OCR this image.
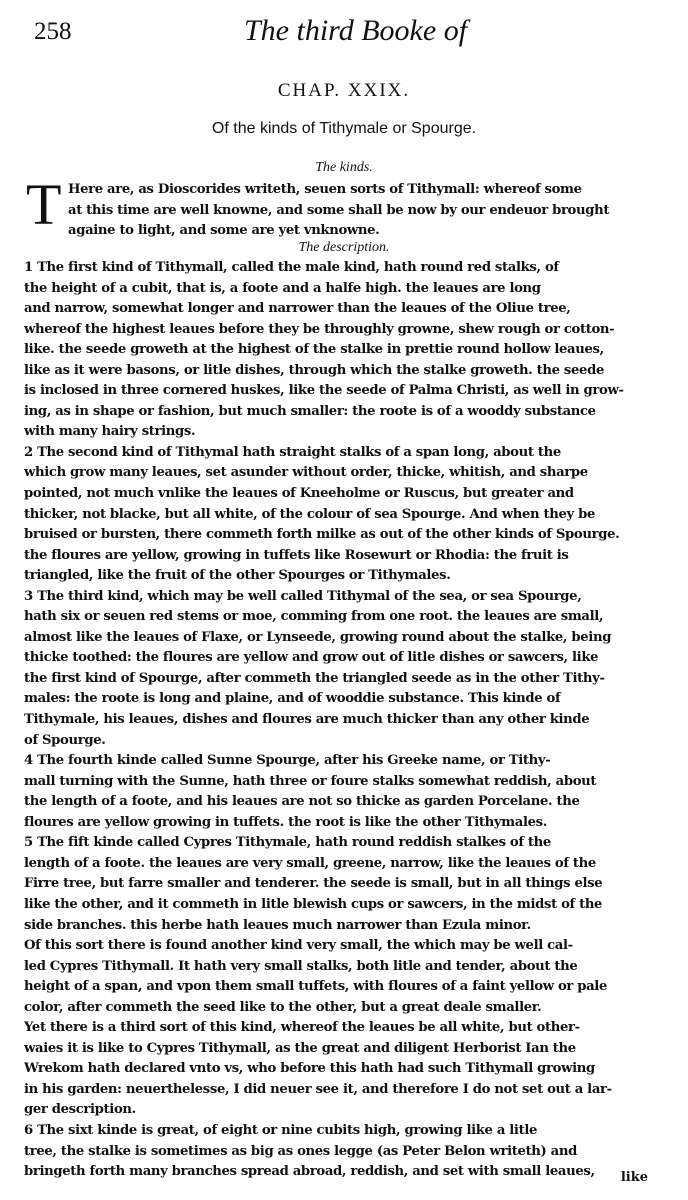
258	The third Booke of
CHAP. XXIX.
Of the kinds of Tithymale or Spourge.
The kinds.
T Here are, as Dioscorides writeth, seuen sorts of Tithymall: whereof some
at this time are well knowne, and some shall be now by our endeuor brought
againe to light, and some are yet vnknowne.
The description.
1 The first kind of Tithymall, called the male kind, hath round red stalks, of
the height of a cubit, that is, a foote and a halfe high. the leaues are long
and narrow, somewhat longer and narrower than the leaues of the Oliue tree,
whereof the highest leaues before they be throughly growne, shew rough or cotton-
like. the seede groweth at the highest of the stalke in prettie round hollow leaues,
like as it were basons, or litle dishes, through which the stalke groweth. the seede
is inclosed in three cornered huskes, like the seede of Palma Christi, as well in grow-
ing, as in shape or fashion, but much smaller: the roote is of a wooddy substance
with many hairy strings.
2 The second kind of Tithymal hath straight stalks of a span long, about the
which grow many leaues, set asunder without order, thicke, whitish, and sharpe
pointed, not much vnlike the leaues of Kneeholme or Ruscus, but greater and
thicker, not blacke, but all white, of the colour of sea Spourge. And when they be
bruised or bursten, there commeth forth milke as out of the other kinds of Spourge.
the floures are yellow, growing in tuffets like Rosewurt or Rhodia: the fruit is
triangled, like the fruit of the other Spourges or Tithymales.
3 The third kind, which may be well called Tithymal of the sea, or sea Spourge,
hath six or seuen red stems or moe, comming from one root. the leaues are small,
almost like the leaues of Flaxe, or Lynseede, growing round about the stalke, being
thicke toothed: the floures are yellow and grow out of litle dishes or sawcers, like
the first kind of Spourge, after commeth the triangled seede as in the other Tithy-
males: the roote is long and plaine, and of wooddie substance. This kinde of
Tithymale, his leaues, dishes and floures are much thicker than any other kinde
of Spourge.
4 The fourth kinde called Sunne Spourge, after his Greeke name, or Tithy-
mall turning with the Sunne, hath three or foure stalks somewhat reddish, about
the length of a foote, and his leaues are not so thicke as garden Porcelane. the
floures are yellow growing in tuffets. the root is like the other Tithymales.
5 The fift kinde called Cypres Tithymale, hath round reddish stalkes of the
length of a foote. the leaues are very small, greene, narrow, like the leaues of the
Firre tree, but farre smaller and tenderer. the seede is small, but in all things else
like the other, and it commeth in litle blewish cups or sawcers, in the midst of the
side branches. this herbe hath leaues much narrower than Ezula minor.
Of this sort there is found another kind very small, the which may be well cal-
led Cypres Tithymall. It hath very small stalks, both litle and tender, about the
height of a span, and vpon them small tuffets, with floures of a faint yellow or pale
color, after commeth the seed like to the other, but a great deale smaller.
Yet there is a third sort of this kind, whereof the leaues be all white, but other-
waies it is like to Cypres Tithymall, as the great and diligent Herborist Ian the
Wrekom hath declared vnto vs, who before this hath had such Tithymall growing
in his garden: neuerthelesse, I did neuer see it, and therefore I do not set out a lar-
ger description.
6 The sixt kinde is great, of eight or nine cubits high, growing like a litle
tree, the stalke is sometimes as big as ones legge (as Peter Belon writeth) and
bringeth forth many branches spread abroad, reddish, and set with small leaues,	like
